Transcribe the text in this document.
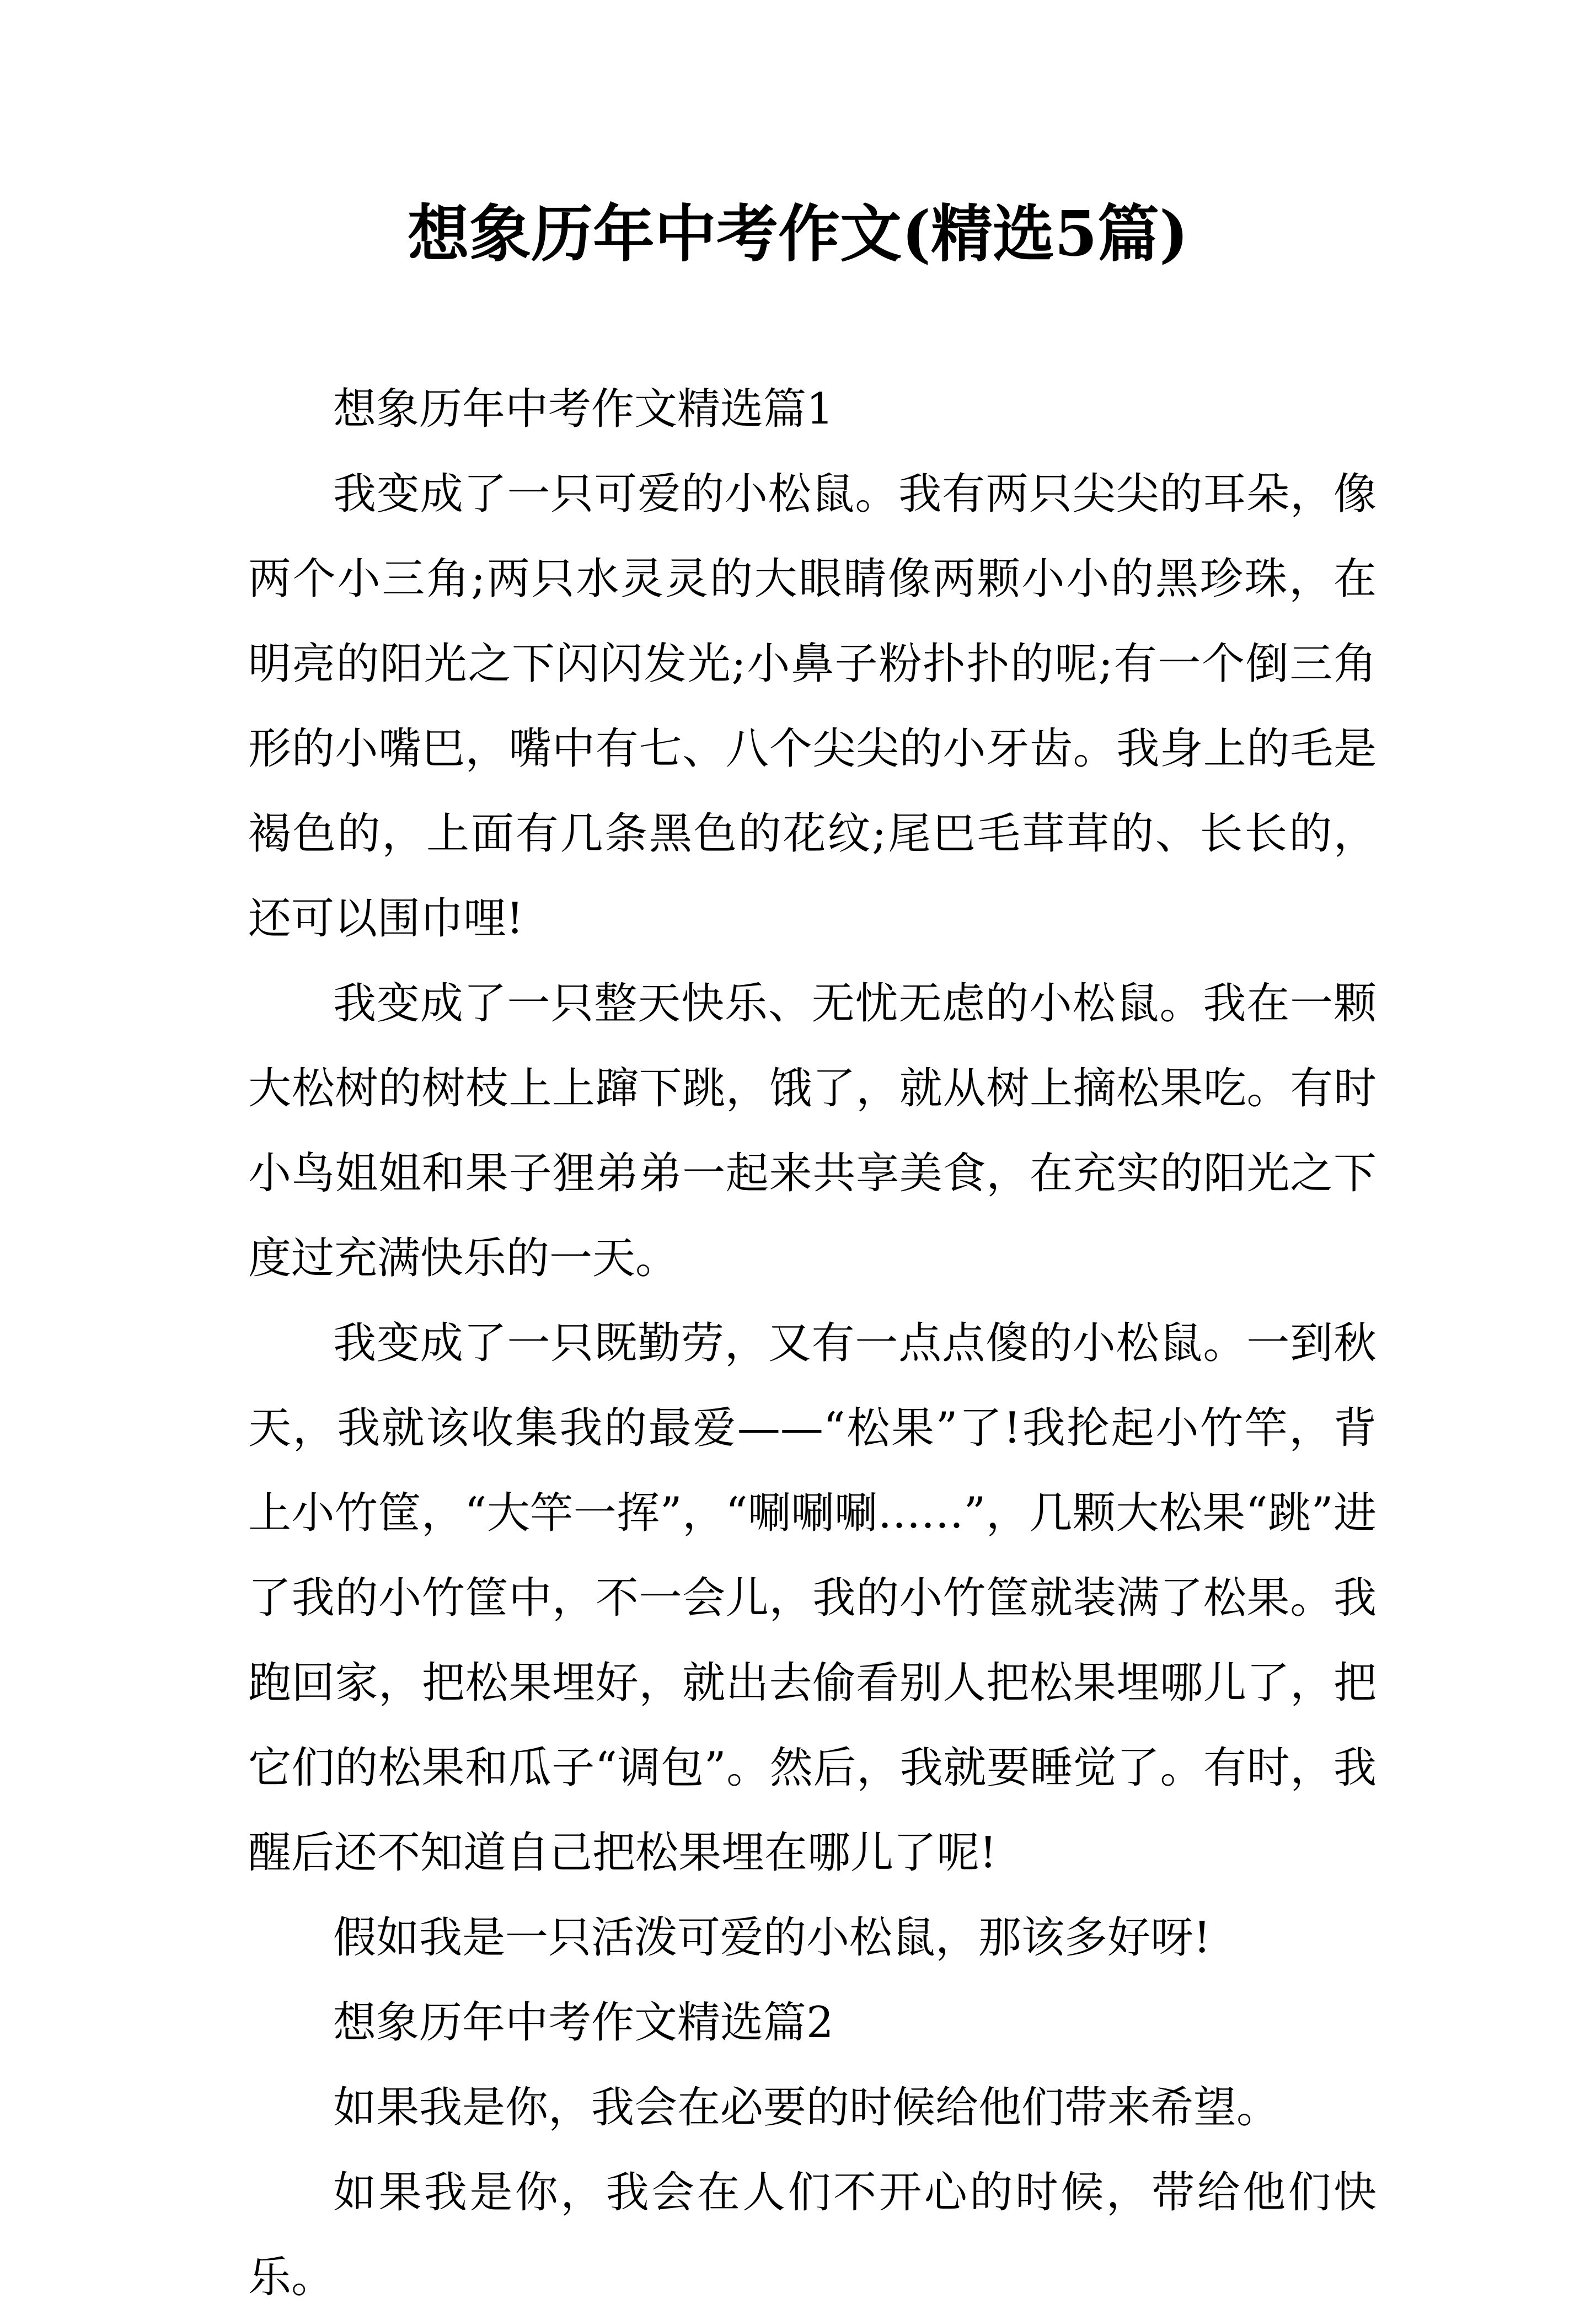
想象历年中考作文(精选5篇)

想象历年中考作文精选篇1

我变成了一只可爱的小松鼠。我有两只尖尖的耳朵，像两个小三角;两只水灵灵的大眼睛像两颗小小的黑珍珠，在明亮的阳光之下闪闪发光;小鼻子粉扑扑的呢;有一个倒三角形的小嘴巴，嘴中有七、八个尖尖的小牙齿。我身上的毛是褐色的，上面有几条黑色的花纹;尾巴毛茸茸的、长长的，还可以围巾哩!

我变成了一只整天快乐、无忧无虑的小松鼠。我在一颗大松树的树枝上上蹿下跳，饿了，就从树上摘松果吃。有时小鸟姐姐和果子狸弟弟一起来共享美食，在充实的阳光之下度过充满快乐的一天。

我变成了一只既勤劳，又有一点点傻的小松鼠。一到秋天，我就该收集我的最爱——“松果”了!我抡起小竹竿，背上小竹筐，“大竿一挥”，“唰唰唰……”，几颗大松果“跳”进了我的小竹筐中，不一会儿，我的小竹筐就装满了松果。我跑回家，把松果埋好，就出去偷看别人把松果埋哪儿了，把它们的松果和瓜子“调包”。然后，我就要睡觉了。有时，我醒后还不知道自己把松果埋在哪儿了呢!

假如我是一只活泼可爱的小松鼠，那该多好呀!

想象历年中考作文精选篇2

如果我是你，我会在必要的时候给他们带来希望。

如果我是你，我会在人们不开心的时候，带给他们快乐。
